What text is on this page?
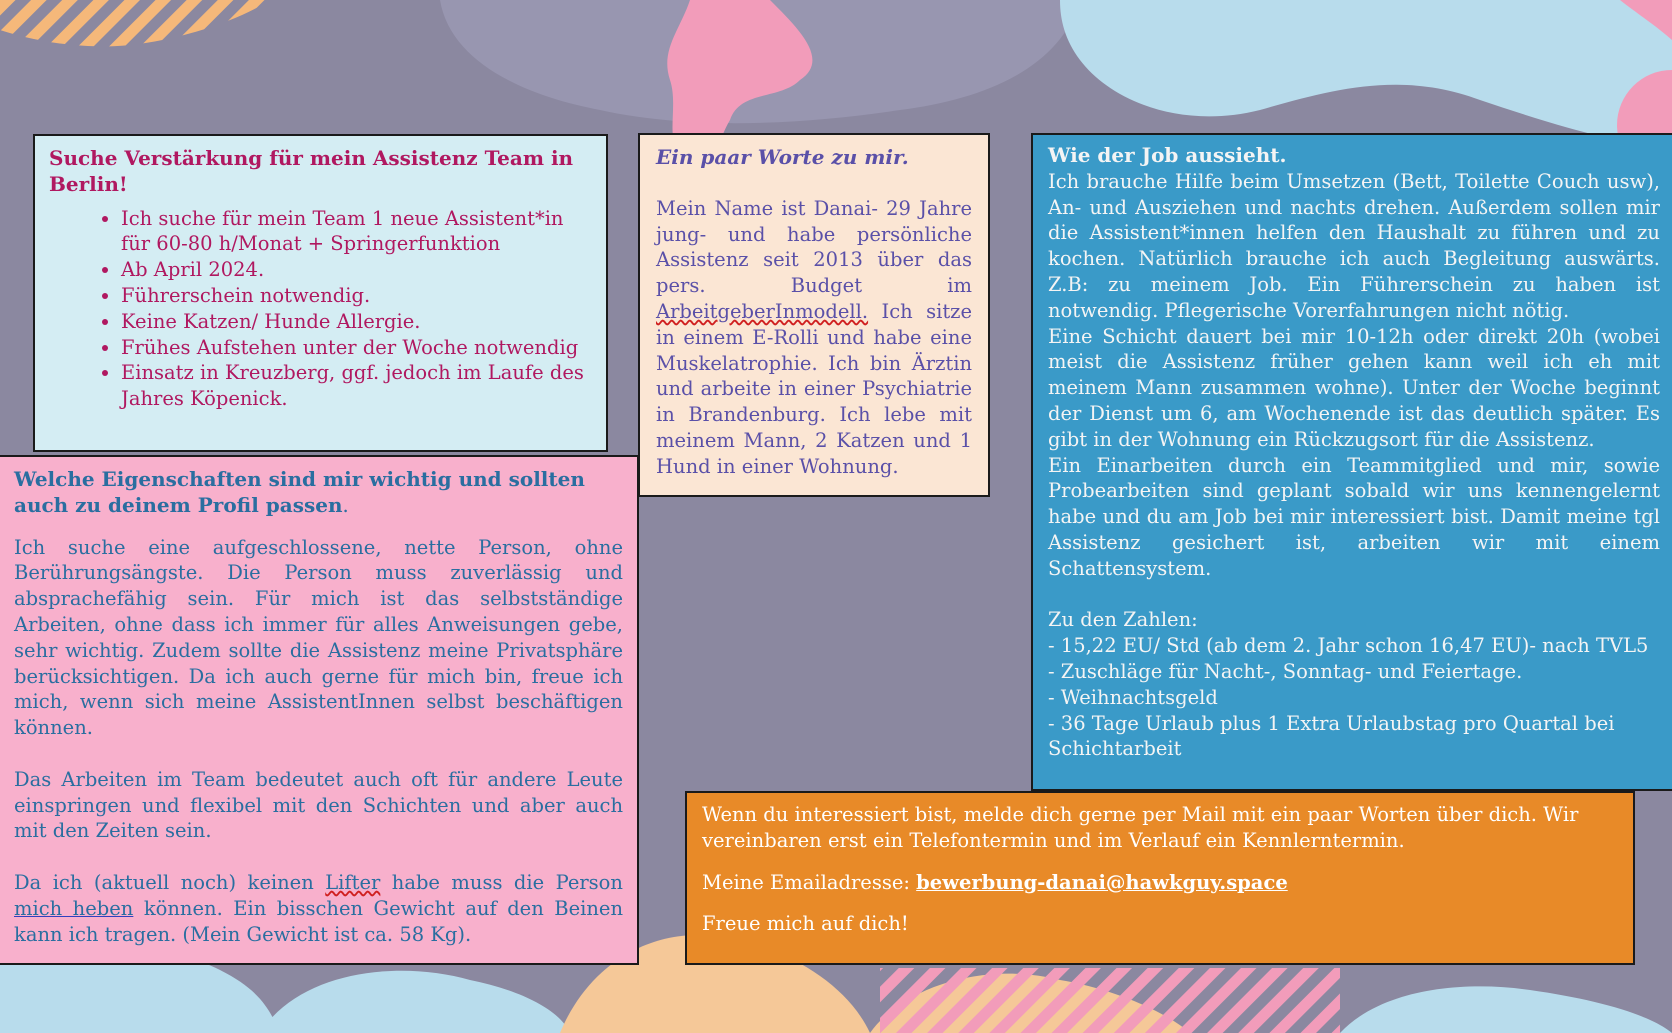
Suche Verstärkung für mein Assistenz Team in Berlin!

• Ich suche für mein Team 1 neue Assistent*in für 60-80 h/Monat + Springerfunktion
• Ab April 2024.
• Führerschein notwendig.
• Keine Katzen/ Hunde Allergie.
• Frühes Aufstehen unter der Woche notwendig
• Einsatz in Kreuzberg, ggf. jedoch im Laufe des Jahres Köpenick.

Ein paar Worte zu mir.

Mein Name ist Danai- 29 Jahre jung- und habe persönliche Assistenz seit 2013 über das pers. Budget im ArbeitgeberInmodell. Ich sitze in einem E-Rolli und habe eine Muskelatrophie. Ich bin Ärztin und arbeite in einer Psychiatrie in Brandenburg. Ich lebe mit meinem Mann, 2 Katzen und 1 Hund in einer Wohnung.

Wie der Job aussieht.

Ich brauche Hilfe beim Umsetzen (Bett, Toilette Couch usw), An- und Ausziehen und nachts drehen. Außerdem sollen mir die Assistent*innen helfen den Haushalt zu führen und zu kochen. Natürlich brauche ich auch Begleitung auswärts. Z.B: zu meinem Job. Ein Führerschein zu haben ist notwendig. Pflegerische Vorerfahrungen nicht nötig.

Eine Schicht dauert bei mir 10-12h oder direkt 20h (wobei meist die Assistenz früher gehen kann weil ich eh mit meinem Mann zusammen wohne). Unter der Woche beginnt der Dienst um 6, am Wochenende ist das deutlich später. Es gibt in der Wohnung ein Rückzugsort für die Assistenz.

Ein Einarbeiten durch ein Teammitglied und mir, sowie Probearbeiten sind geplant sobald wir uns kennengelernt habe und du am Job bei mir interessiert bist. Damit meine tgl Assistenz gesichert ist, arbeiten wir mit einem Schattensystem.

Zu den Zahlen:

- 15,22 EU/ Std (ab dem 2. Jahr schon 16,47 EU)- nach TVL5

- Zuschläge für Nacht-, Sonntag- und Feiertage.

- Weihnachtsgeld

- 36 Tage Urlaub plus 1 Extra Urlaubstag pro Quartal bei Schichtarbeit

Welche Eigenschaften sind mir wichtig und sollten auch zu deinem Profil passen.

Ich suche eine aufgeschlossene, nette Person, ohne Berührungsängste. Die Person muss zuverlässig und absprachefähig sein. Für mich ist das selbstständige Arbeiten, ohne dass ich immer für alles Anweisungen gebe, sehr wichtig. Zudem sollte die Assistenz meine Privatsphäre berücksichtigen. Da ich auch gerne für mich bin, freue ich mich, wenn sich meine AssistentInnen selbst beschäftigen können.

Das Arbeiten im Team bedeutet auch oft für andere Leute einspringen und flexibel mit den Schichten und aber auch mit den Zeiten sein.

Da ich (aktuell noch) keinen Lifter habe muss die Person mich heben können. Ein bisschen Gewicht auf den Beinen kann ich tragen. (Mein Gewicht ist ca. 58 Kg).

Wenn du interessiert bist, melde dich gerne per Mail mit ein paar Worten über dich. Wir vereinbaren erst ein Telefontermin und im Verlauf ein Kennlerntermin.

Meine Emailadresse: bewerbung-danai@hawkguy.space

Freue mich auf dich!
